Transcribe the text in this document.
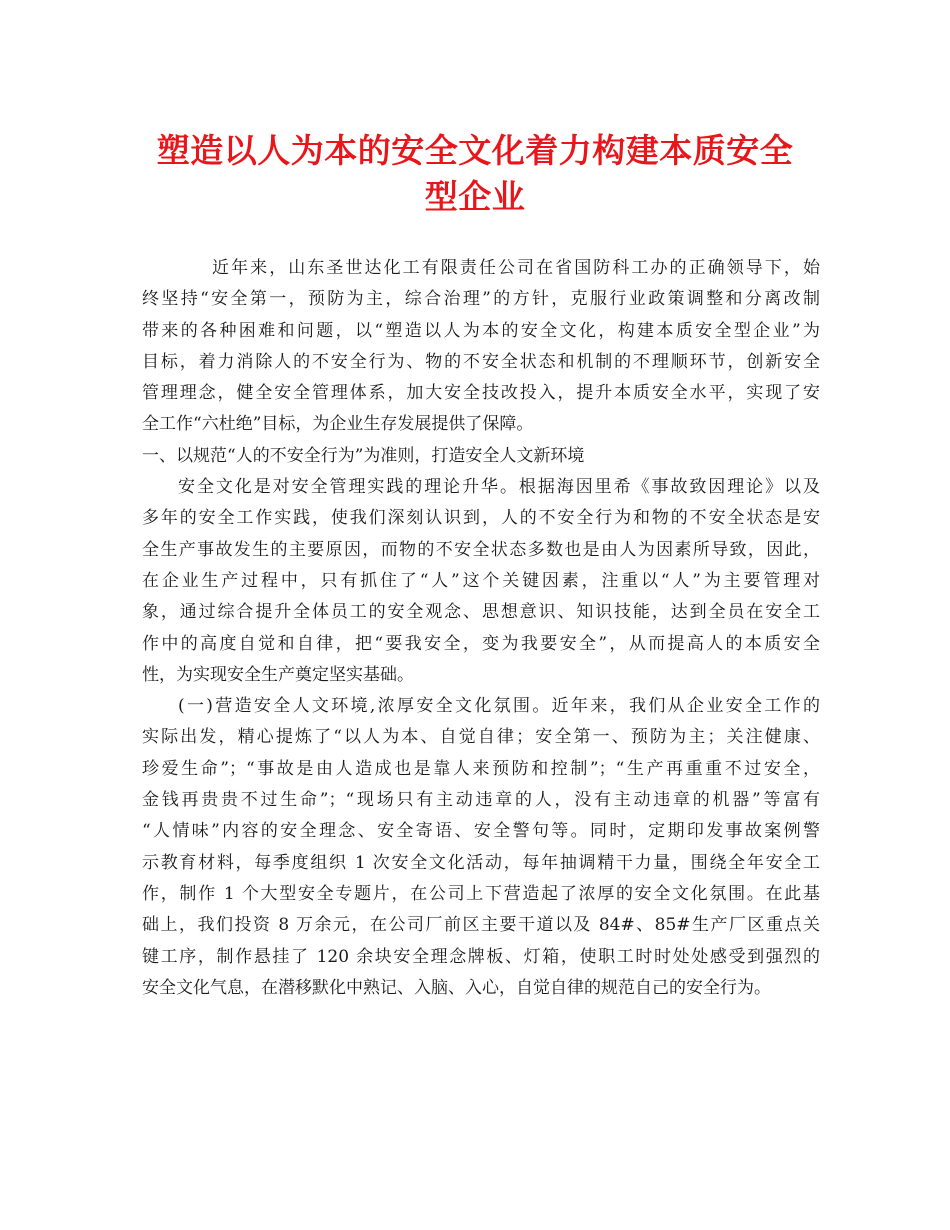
塑造以人为本的安全文化着力构建本质安全
型企业
近年来，山东圣世达化工有限责任公司在省国防科工办的正确领导下，始
终坚持“安全第一，预防为主，综合治理”的方针，克服行业政策调整和分离改制
带来的各种困难和问题，以“塑造以人为本的安全文化，构建本质安全型企业”为
目标，着力消除人的不安全行为、物的不安全状态和机制的不理顺环节，创新安全
管理理念，健全安全管理体系，加大安全技改投入，提升本质安全水平，实现了安
全工作“六杜绝”目标，为企业生存发展提供了保障。
一、以规范“人的不安全行为”为准则，打造安全人文新环境
安全文化是对安全管理实践的理论升华。根据海因里希《事故致因理论》以及
多年的安全工作实践，使我们深刻认识到，人的不安全行为和物的不安全状态是安
全生产事故发生的主要原因，而物的不安全状态多数也是由人为因素所导致，因此，
在企业生产过程中，只有抓住了“人”这个关键因素，注重以“人”为主要管理对
象，通过综合提升全体员工的安全观念、思想意识、知识技能，达到全员在安全工
作中的高度自觉和自律，把“要我安全，变为我要安全”，从而提高人的本质安全
性，为实现安全生产奠定坚实基础。
(一)营造安全人文环境,浓厚安全文化氛围。近年来，我们从企业安全工作的
实际出发，精心提炼了“以人为本、自觉自律；安全第一、预防为主；关注健康、
珍爱生命”；“事故是由人造成也是靠人来预防和控制”；“生产再重重不过安全，
金钱再贵贵不过生命”；“现场只有主动违章的人，没有主动违章的机器”等富有
“人情味”内容的安全理念、安全寄语、安全警句等。同时，定期印发事故案例警
示教育材料，每季度组织 1 次安全文化活动，每年抽调精干力量，围绕全年安全工
作，制作 1 个大型安全专题片，在公司上下营造起了浓厚的安全文化氛围。在此基
础上，我们投资 8 万余元，在公司厂前区主要干道以及 84#、85#生产厂区重点关
键工序，制作悬挂了 120 余块安全理念牌板、灯箱，使职工时时处处感受到强烈的
安全文化气息，在潜移默化中熟记、入脑、入心，自觉自律的规范自己的安全行为。
